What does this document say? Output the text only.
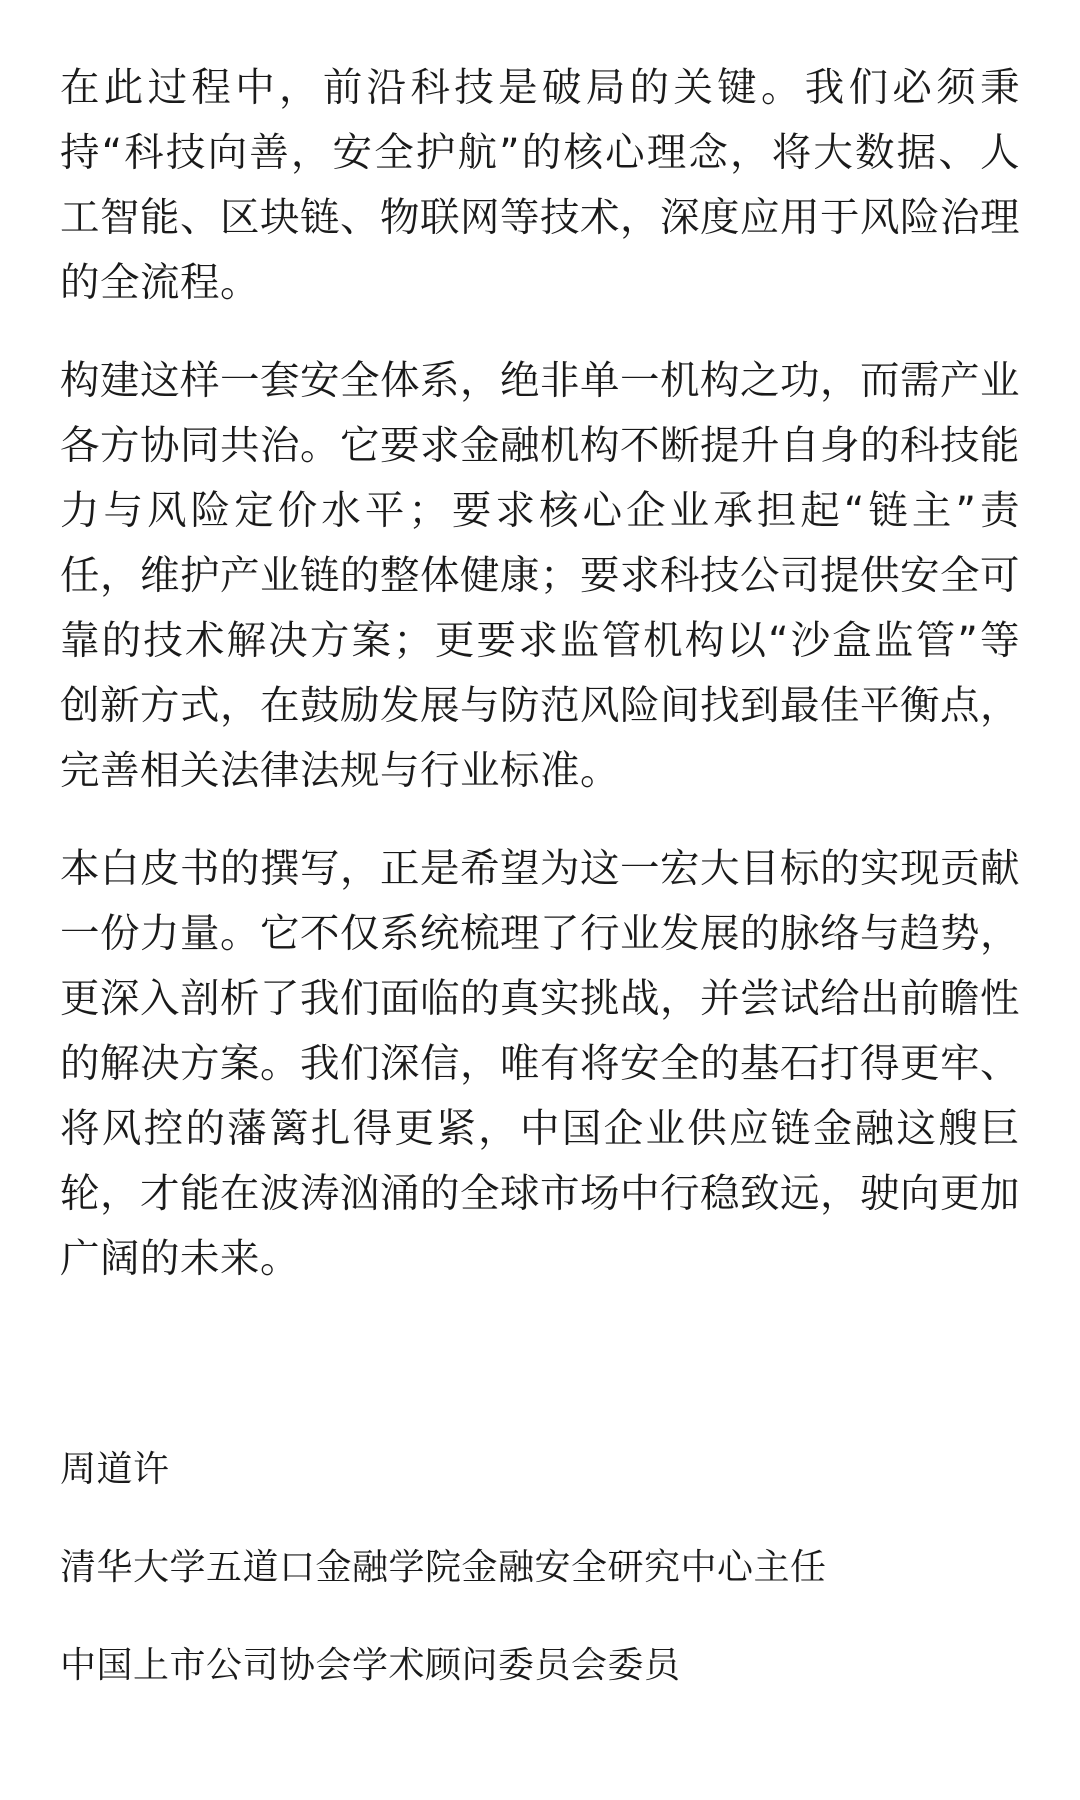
在此过程中，前沿科技是破局的关键。我们必须秉持“科技向善，安全护航”的核心理念，将大数据、人工智能、区块链、物联网等技术，深度应用于风险治理的全流程。

构建这样一套安全体系，绝非单一机构之功，而需产业各方协同共治。它要求金融机构不断提升自身的科技能力与风险定价水平；要求核心企业承担起“链主”责任，维护产业链的整体健康；要求科技公司提供安全可靠的技术解决方案；更要求监管机构以“沙盒监管”等创新方式，在鼓励发展与防范风险间找到最佳平衡点，完善相关法律法规与行业标准。

本白皮书的撰写，正是希望为这一宏大目标的实现贡献一份力量。它不仅系统梳理了行业发展的脉络与趋势，更深入剖析了我们面临的真实挑战，并尝试给出前瞻性的解决方案。我们深信，唯有将安全的基石打得更牢、将风控的藩篱扎得更紧，中国企业供应链金融这艘巨轮，才能在波涛汹涌的全球市场中行稳致远，驶向更加广阔的未来。

周道许

清华大学五道口金融学院金融安全研究中心主任

中国上市公司协会学术顾问委员会委员
